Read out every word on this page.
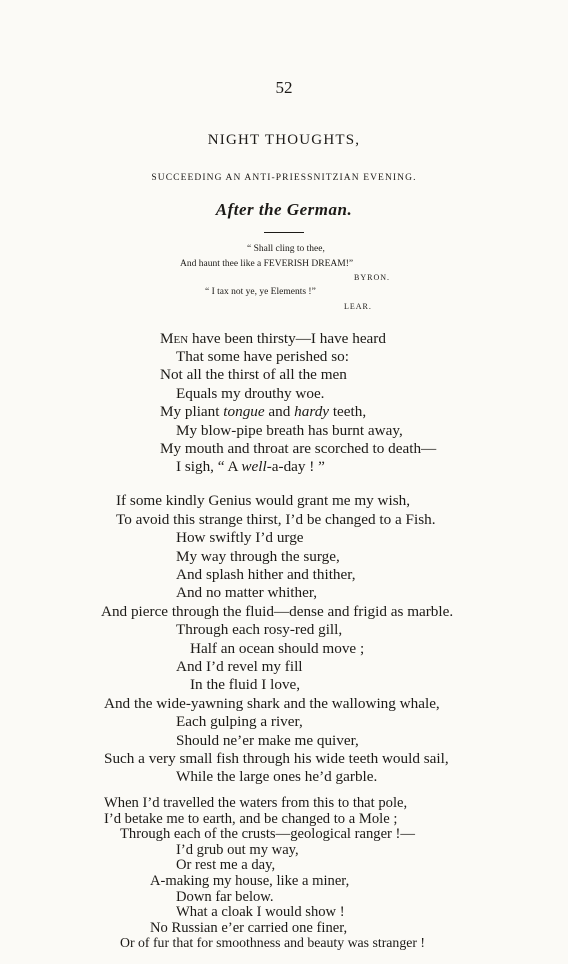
52
NIGHT THOUGHTS,
SUCCEEDING AN ANTI-PRIESSNITZIAN EVENING.
After the German.
“ Shall cling to thee,
And haunt thee like a FEVERISH DREAM!”
BYRON.
“ I tax not ye, ye Elements !”
LEAR.
Men have been thirsty—I have heard
That some have perished so:
Not all the thirst of all the men
Equals my drouthy woe.
My pliant tongue and hardy teeth,
My blow-pipe breath has burnt away,
My mouth and throat are scorched to death—
I sigh, “ A well-a-day ! ”
If some kindly Genius would grant me my wish,
To avoid this strange thirst, I’d be changed to a Fish.
How swiftly I’d urge
My way through the surge,
And splash hither and thither,
And no matter whither,
And pierce through the fluid—dense and frigid as marble.
Through each rosy-red gill,
Half an ocean should move ;
And I’d revel my fill
In the fluid I love,
And the wide-yawning shark and the wallowing whale,
Each gulping a river,
Should ne’er make me quiver,
Such a very small fish through his wide teeth would sail,
While the large ones he’d garble.
When I’d travelled the waters from this to that pole,
I’d betake me to earth, and be changed to a Mole ;
Through each of the crusts—geological ranger !—
I’d grub out my way,
Or rest me a day,
A-making my house, like a miner,
Down far below.
What a cloak I would show !
No Russian e’er carried one finer,
Or of fur that for smoothness and beauty was stranger !
